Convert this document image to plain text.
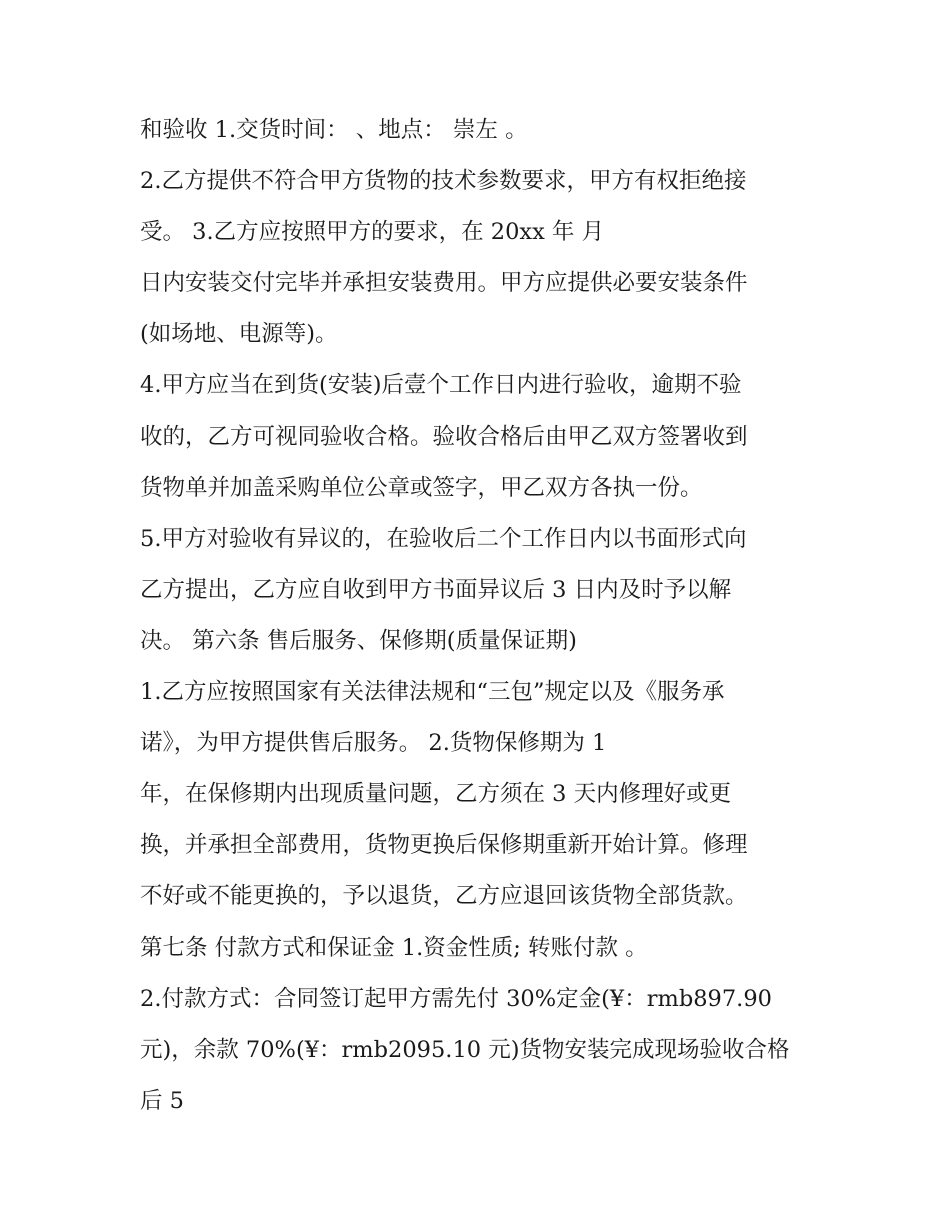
和验收 1.交货时间： 、地点： 崇左 。
2.乙方提供不符合甲方货物的技术参数要求，甲方有权拒绝接
受。 3.乙方应按照甲方的要求，在 20xx 年 月
日内安装交付完毕并承担安装费用。甲方应提供必要安装条件
(如场地、电源等)。
4.甲方应当在到货(安装)后壹个工作日内进行验收，逾期不验
收的，乙方可视同验收合格。验收合格后由甲乙双方签署收到
货物单并加盖采购单位公章或签字，甲乙双方各执一份。
5.甲方对验收有异议的，在验收后二个工作日内以书面形式向
乙方提出，乙方应自收到甲方书面异议后 3 日内及时予以解
决。 第六条 售后服务、保修期(质量保证期)
1.乙方应按照国家有关法律法规和“三包”规定以及《服务承
诺》，为甲方提供售后服务。 2.货物保修期为 1
年，在保修期内出现质量问题，乙方须在 3 天内修理好或更
换，并承担全部费用，货物更换后保修期重新开始计算。修理
不好或不能更换的，予以退货，乙方应退回该货物全部货款。
第七条 付款方式和保证金 1.资金性质; 转账付款 。
2.付款方式：合同签订起甲方需先付 30%定金(¥：rmb897.90
元)，余款 70%(¥：rmb2095.10 元)货物安装完成现场验收合格
后 5
